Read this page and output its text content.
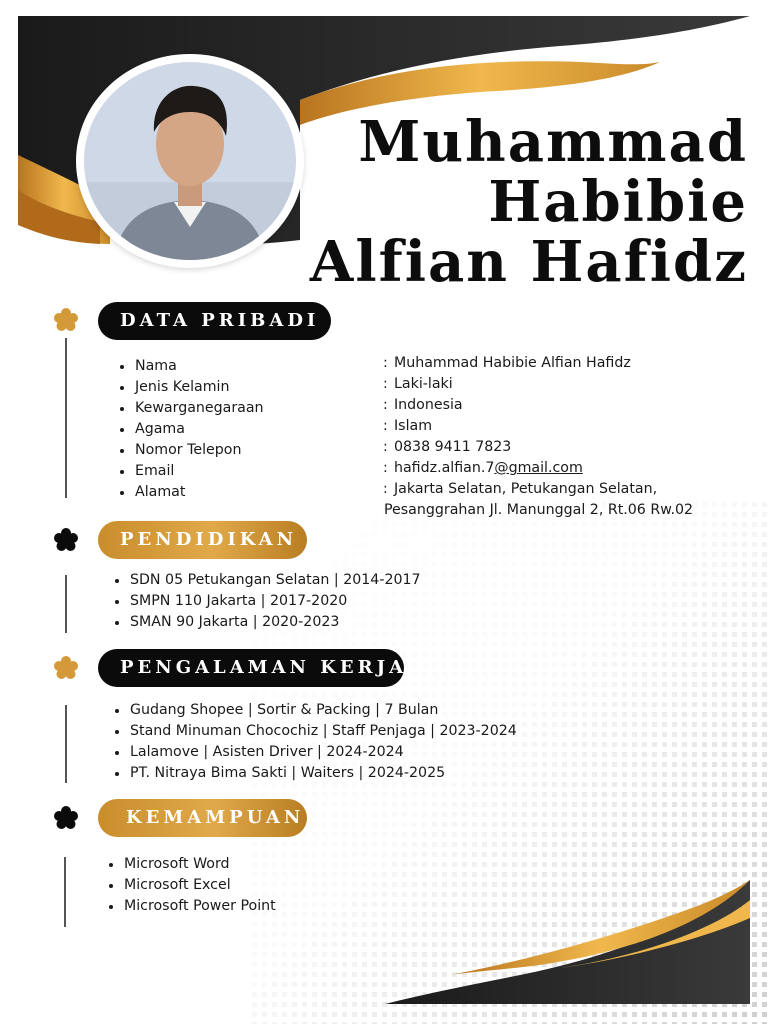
Muhammad
Habibie
Alfian Hafidz
DATA PRIBADI
Nama
Jenis Kelamin
Kewarganegaraan
Agama
Nomor Telepon
Email
Alamat
: Muhammad Habibie Alfian Hafidz
: Laki-laki
: Indonesia
: Islam
: 0838 9411 7823
: hafidz.alfian.7@gmail.com
: Jakarta Selatan, Petukangan Selatan,
Pesanggrahan Jl. Manunggal 2, Rt.06 Rw.02
PENDIDIKAN
SDN 05 Petukangan Selatan | 2014-2017
SMPN 110 Jakarta | 2017-2020
SMAN 90 Jakarta | 2020-2023
PENGALAMAN KERJA
Gudang Shopee | Sortir & Packing | 7 Bulan
Stand Minuman Chocochiz | Staff Penjaga | 2023-2024
Lalamove | Asisten Driver | 2024-2024
PT. Nitraya Bima Sakti | Waiters | 2024-2025
KEMAMPUAN
Microsoft Word
Microsoft Excel
Microsoft Power Point
